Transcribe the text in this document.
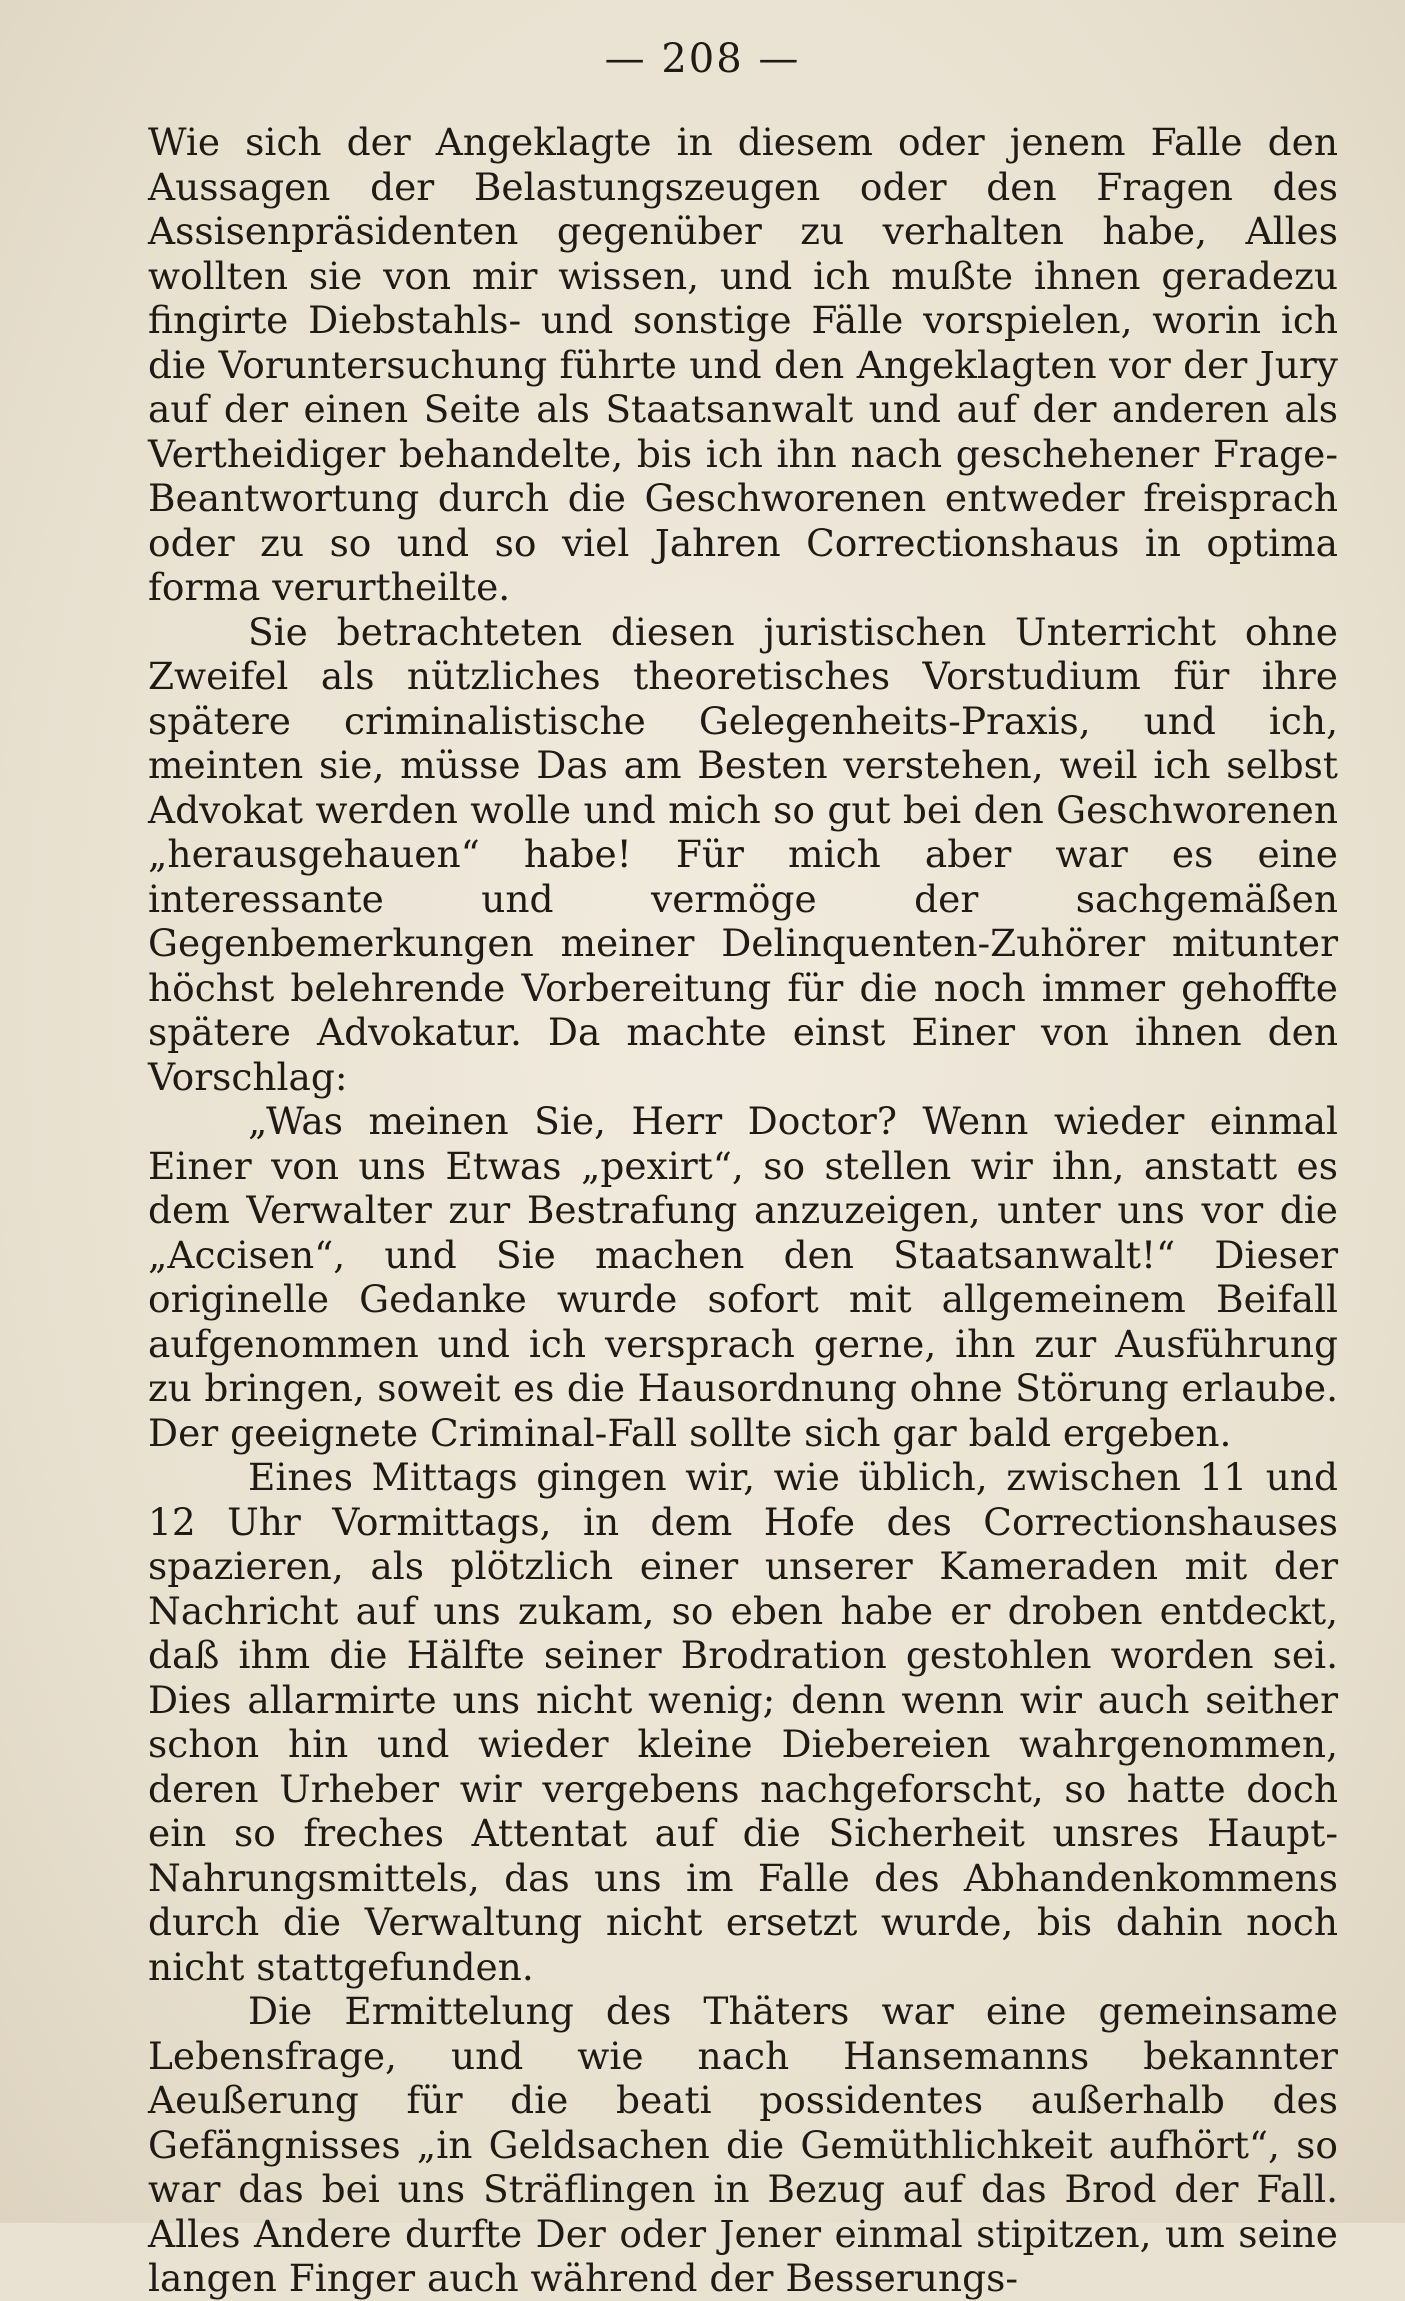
— 208 —

Wie sich der Angeklagte in diesem oder jenem Falle den Aussagen der Belastungszeugen oder den Fragen des Assisenpräsidenten gegenüber zu verhalten habe, Alles wollten sie von mir wissen, und ich mußte ihnen geradezu fingirte Diebstahls- und sonstige Fälle vorspielen, worin ich die Voruntersuchung führte und den Angeklagten vor der Jury auf der einen Seite als Staatsanwalt und auf der anderen als Vertheidiger behandelte, bis ich ihn nach geschehener Frage-Beantwortung durch die Geschworenen entweder freisprach oder zu so und so viel Jahren Correctionshaus in optima forma verurtheilte.

Sie betrachteten diesen juristischen Unterricht ohne Zweifel als nützliches theoretisches Vorstudium für ihre spätere criminalistische Gelegenheits-Praxis, und ich, meinten sie, müsse Das am Besten verstehen, weil ich selbst Advokat werden wolle und mich so gut bei den Geschworenen „herausgehauen“ habe! Für mich aber war es eine interessante und vermöge der sachgemäßen Gegenbemerkungen meiner Delinquenten-Zuhörer mitunter höchst belehrende Vorbereitung für die noch immer gehoffte spätere Advokatur. Da machte einst Einer von ihnen den Vorschlag:

„Was meinen Sie, Herr Doctor? Wenn wieder einmal Einer von uns Etwas „pexirt“, so stellen wir ihn, anstatt es dem Verwalter zur Bestrafung anzuzeigen, unter uns vor die „Accisen“, und Sie machen den Staatsanwalt!“ Dieser originelle Gedanke wurde sofort mit allgemeinem Beifall aufgenommen und ich versprach gerne, ihn zur Ausführung zu bringen, soweit es die Hausordnung ohne Störung erlaube. Der geeignete Criminal-Fall sollte sich gar bald ergeben.

Eines Mittags gingen wir, wie üblich, zwischen 11 und 12 Uhr Vormittags, in dem Hofe des Correctionshauses spazieren, als plötzlich einer unserer Kameraden mit der Nachricht auf uns zukam, so eben habe er droben entdeckt, daß ihm die Hälfte seiner Brodration gestohlen worden sei. Dies allarmirte uns nicht wenig; denn wenn wir auch seither schon hin und wieder kleine Diebereien wahrgenommen, deren Urheber wir vergebens nachgeforscht, so hatte doch ein so freches Attentat auf die Sicherheit unsres Haupt-Nahrungsmittels, das uns im Falle des Abhandenkommens durch die Verwaltung nicht ersetzt wurde, bis dahin noch nicht stattgefunden.

Die Ermittelung des Thäters war eine gemeinsame Lebensfrage, und wie nach Hansemanns bekannter Aeußerung für die beati possidentes außerhalb des Gefängnisses „in Geldsachen die Gemüthlichkeit aufhört“, so war das bei uns Sträflingen in Bezug auf das Brod der Fall. Alles Andere durfte Der oder Jener einmal stipitzen, um seine langen Finger auch während der Besserungs-
